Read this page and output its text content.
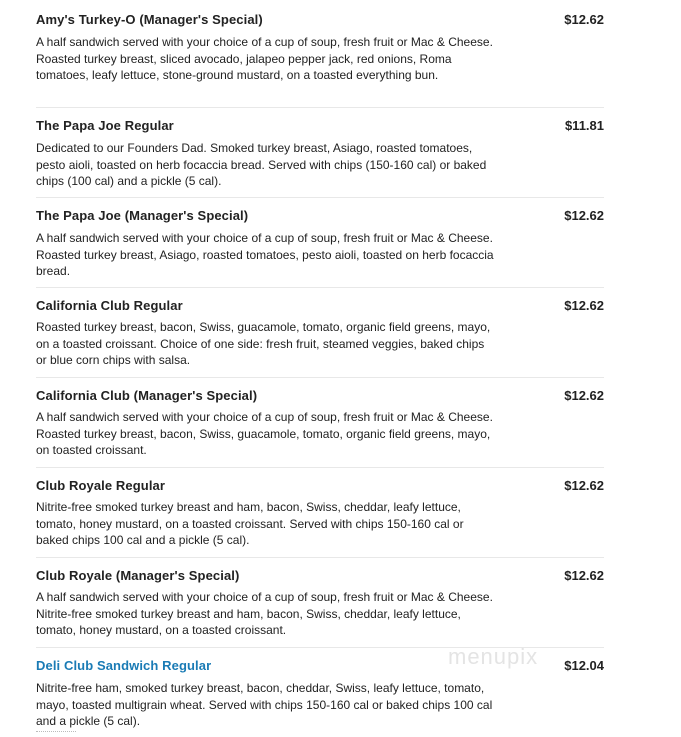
Amy's Turkey-O (Manager's Special)	$12.62
A half sandwich served with your choice of a cup of soup, fresh fruit or Mac & Cheese. Roasted turkey breast, sliced avocado, jalapeo pepper jack, red onions, Roma tomatoes, leafy lettuce, stone-ground mustard, on a toasted everything bun.
The Papa Joe Regular	$11.81
Dedicated to our Founders Dad. Smoked turkey breast, Asiago, roasted tomatoes, pesto aioli, toasted on herb focaccia bread. Served with chips (150-160 cal) or baked chips (100 cal) and a pickle (5 cal).
The Papa Joe (Manager's Special)	$12.62
A half sandwich served with your choice of a cup of soup, fresh fruit or Mac & Cheese. Roasted turkey breast, Asiago, roasted tomatoes, pesto aioli, toasted on herb focaccia bread.
California Club Regular	$12.62
Roasted turkey breast, bacon, Swiss, guacamole, tomato, organic field greens, mayo, on a toasted croissant. Choice of one side: fresh fruit, steamed veggies, baked chips or blue corn chips with salsa.
California Club (Manager's Special)	$12.62
A half sandwich served with your choice of a cup of soup, fresh fruit or Mac & Cheese. Roasted turkey breast, bacon, Swiss, guacamole, tomato, organic field greens, mayo, on toasted croissant.
Club Royale Regular	$12.62
Nitrite-free smoked turkey breast and ham, bacon, Swiss, cheddar, leafy lettuce, tomato, honey mustard, on a toasted croissant. Served with chips 150-160 cal or baked chips 100 cal and a pickle (5 cal).
Club Royale (Manager's Special)	$12.62
A half sandwich served with your choice of a cup of soup, fresh fruit or Mac & Cheese. Nitrite-free smoked turkey breast and ham, bacon, Swiss, cheddar, leafy lettuce, tomato, honey mustard, on a toasted croissant.
Deli Club Sandwich Regular	$12.04
Nitrite-free ham, smoked turkey breast, bacon, cheddar, Swiss, leafy lettuce, tomato, mayo, toasted multigrain wheat. Served with chips 150-160 cal or baked chips 100 cal and a pickle (5 cal).
menupix
